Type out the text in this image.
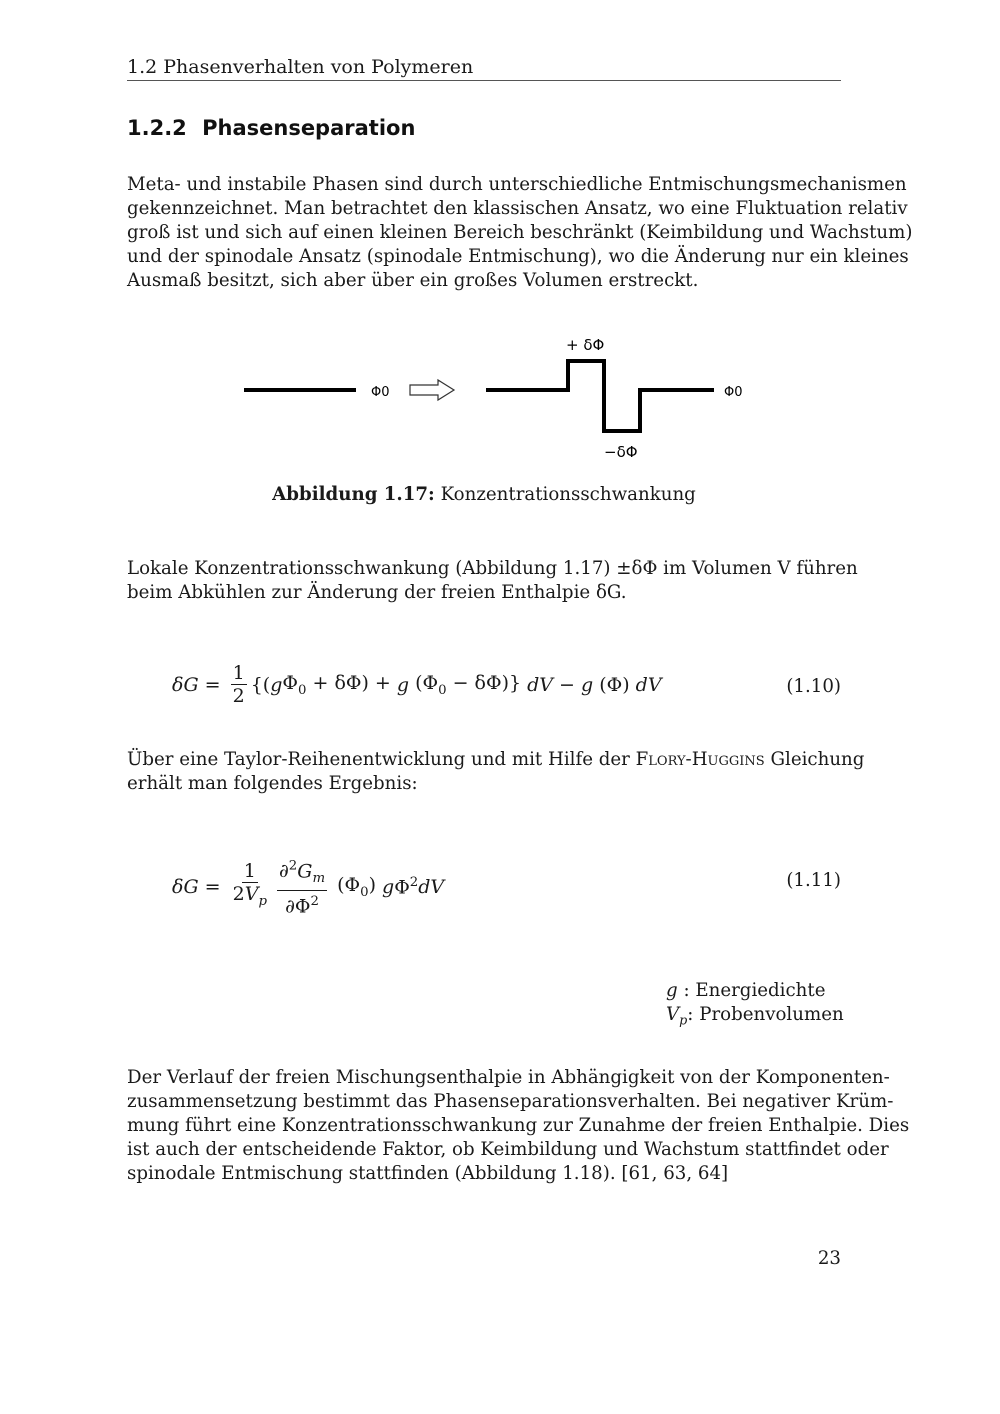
1.2 Phasenverhalten von Polymeren
1.2.2 Phasenseparation
Meta- und instabile Phasen sind durch unterschiedliche Entmischungsmechanismen
gekennzeichnet. Man betrachtet den klassischen Ansatz, wo eine Fluktuation relativ
groß ist und sich auf einen kleinen Bereich beschränkt (Keimbildung und Wachstum)
und der spinodale Ansatz (spinodale Entmischung), wo die Änderung nur ein kleines
Ausmaß besitzt, sich aber über ein großes Volumen erstreckt.
Φ0
+ δΦ
−δΦ
Φ0
Abbildung 1.17: Konzentrationsschwankung
Lokale Konzentrationsschwankung (Abbildung 1.17) ±δΦ im Volumen V führen
beim Abkühlen zur Änderung der freien Enthalpie δG.
$\delta G = \frac{1}{2}$ {( g $\Phi_0 + \delta\Phi) + g$ $(\Phi_0 - \delta\Phi)$} dV − g (Φ) dV	(1.10)
Über eine Taylor-Reihenentwicklung und mit Hilfe der Flory-Huggins Gleichung
erhält man folgendes Ergebnis:
$\delta G = \frac{1}{2V_p} \frac{\partial^2G_m}{\partial\Phi^2} (\Phi_0)$ g $\Phi^2$ dV	(1.11)
g : Energiedichte
$V_p$: Probenvolumen
Der Verlauf der freien Mischungsenthalpie in Abhängigkeit von der Komponenten-
zusammensetzung bestimmt das Phasenseparationsverhalten. Bei negativer Krüm-
mung führt eine Konzentrationsschwankung zur Zunahme der freien Enthalpie. Dies
ist auch der entscheidende Faktor, ob Keimbildung und Wachstum stattfindet oder
spinodale Entmischung stattfinden (Abbildung 1.18). [61, 63, 64]
23
